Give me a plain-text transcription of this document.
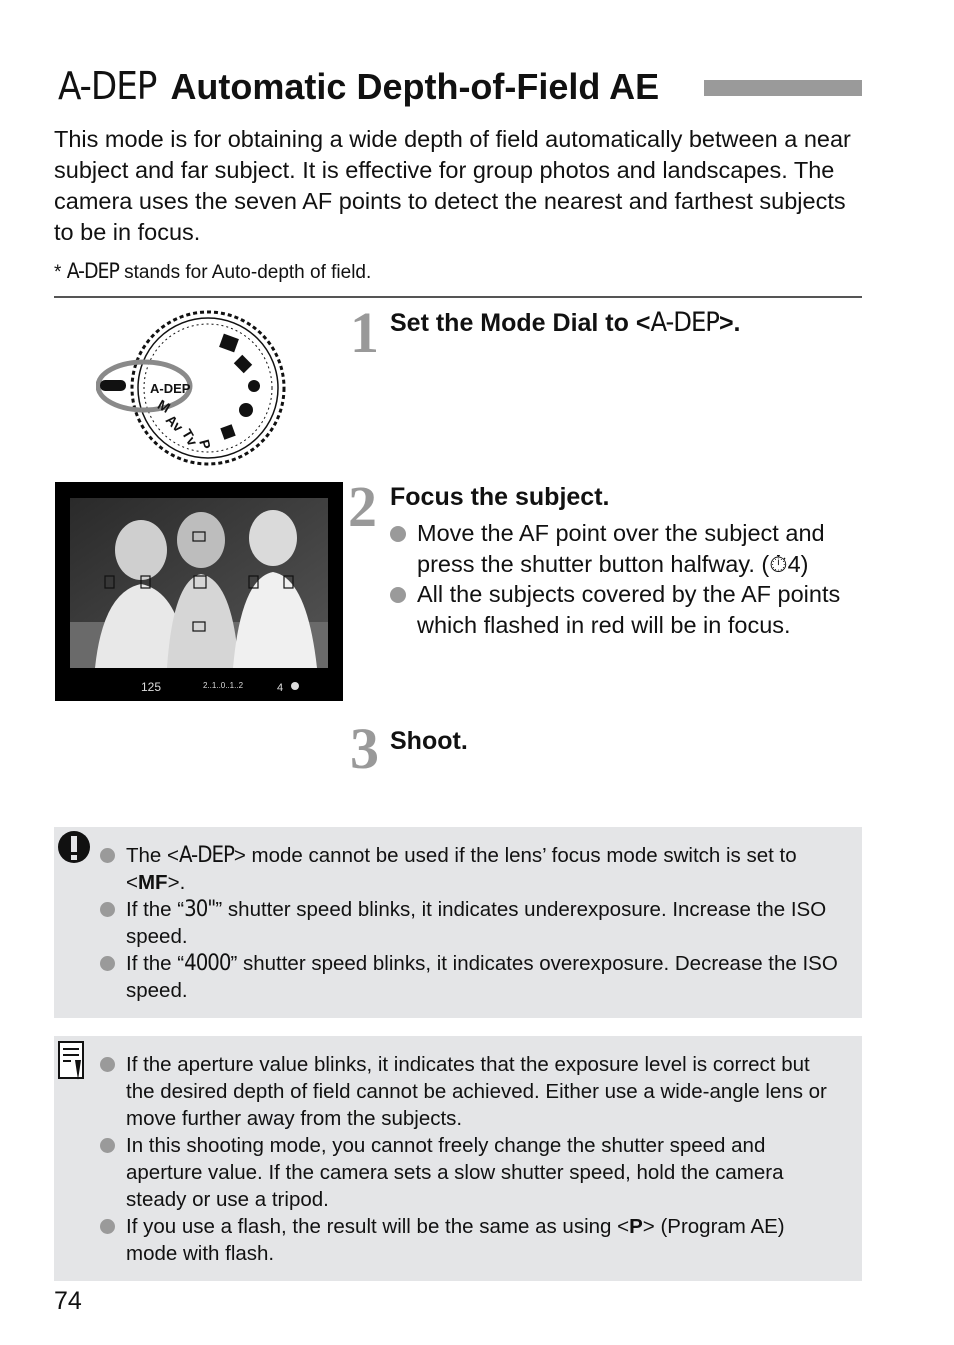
A-DEP Automatic Depth-of-Field AE
This mode is for obtaining a wide depth of field automatically between a near subject and far subject. It is effective for group photos and landscapes. The camera uses the seven AF points to detect the nearest and farthest subjects to be in focus.
* A-DEP stands for Auto-depth of field.
A-DEP
M
Av
Tv
P
125	2..1..0..1..2	4
1 Set the Mode Dial to <A-DEP>.
2 Focus the subject.
Move the AF point over the subject and press the shutter button halfway. (⏱4)
All the subjects covered by the AF points which flashed in red will be in focus.
3 Shoot.
The <A-DEP> mode cannot be used if the lens’ focus mode switch is set to <MF>.
If the “30"” shutter speed blinks, it indicates underexposure. Increase the ISO speed.
If the “4000” shutter speed blinks, it indicates overexposure. Decrease the ISO speed.
If the aperture value blinks, it indicates that the exposure level is correct but the desired depth of field cannot be achieved. Either use a wide-angle lens or move further away from the subjects.
In this shooting mode, you cannot freely change the shutter speed and aperture value. If the camera sets a slow shutter speed, hold the camera steady or use a tripod.
If you use a flash, the result will be the same as using <P> (Program AE) mode with flash.
74
